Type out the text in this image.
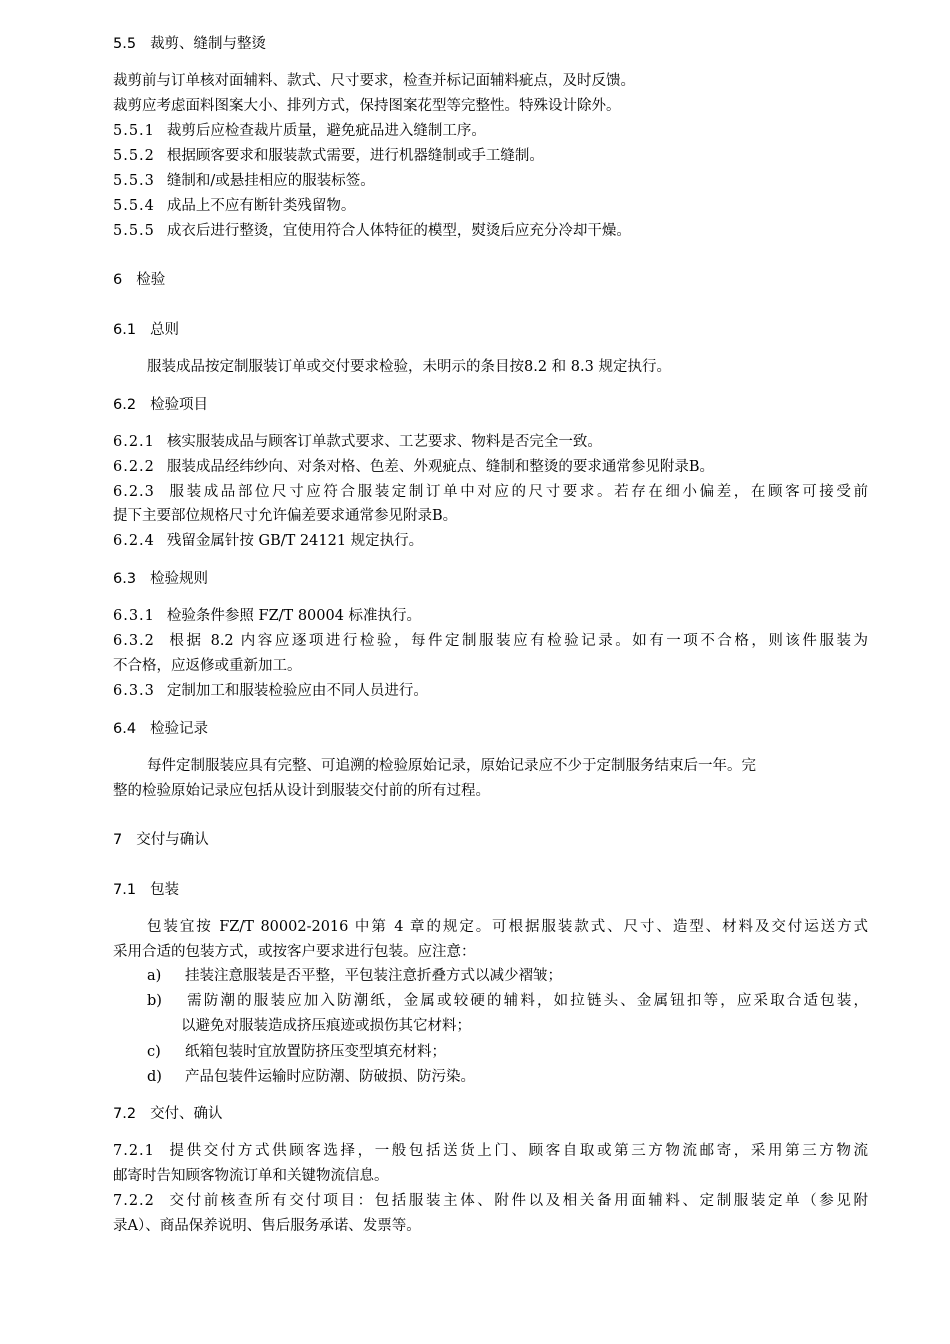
5.5 裁剪、缝制与整烫
裁剪前与订单核对面辅料、款式、尺寸要求，检查并标记面辅料疵点，及时反馈。
裁剪应考虑面料图案大小、排列方式，保持图案花型等完整性。特殊设计除外。
5.5.1 裁剪后应检查裁片质量，避免疵品进入缝制工序。
5.5.2 根据顾客要求和服装款式需要，进行机器缝制或手工缝制。
5.5.3 缝制和/或悬挂相应的服装标签。
5.5.4 成品上不应有断针类残留物。
5.5.5 成衣后进行整烫，宜使用符合人体特征的模型，熨烫后应充分冷却干燥。
6 检验
6.1 总则
服装成品按定制服装订单或交付要求检验，未明示的条目按8.2 和 8.3 规定执行。
6.2 检验项目
6.2.1 核实服装成品与顾客订单款式要求、工艺要求、物料是否完全一致。
6.2.2 服装成品经纬纱向、对条对格、色差、外观疵点、缝制和整烫的要求通常参见附录B。
6.2.3 服装成品部位尺寸应符合服装定制订单中对应的尺寸要求。若存在细小偏差，在顾客可接受前
提下主要部位规格尺寸允许偏差要求通常参见附录B。
6.2.4 残留金属针按 GB/T 24121 规定执行。
6.3 检验规则
6.3.1 检验条件参照 FZ/T 80004 标准执行。
6.3.2 根据 8.2 内容应逐项进行检验，每件定制服装应有检验记录。如有一项不合格，则该件服装为
不合格，应返修或重新加工。
6.3.3 定制加工和服装检验应由不同人员进行。
6.4 检验记录
每件定制服装应具有完整、可追溯的检验原始记录，原始记录应不少于定制服务结束后一年。完
整的检验原始记录应包括从设计到服装交付前的所有过程。
7 交付与确认
7.1 包装
包装宜按 FZ/T 80002-2016 中第 4 章的规定。可根据服装款式、尺寸、造型、材料及交付运送方式
采用合适的包装方式，或按客户要求进行包装。应注意：
a) 挂装注意服装是否平整，平包装注意折叠方式以减少褶皱；
b) 需防潮的服装应加入防潮纸，金属或较硬的辅料，如拉链头、金属钮扣等，应采取合适包装，
以避免对服装造成挤压痕迹或损伤其它材料；
c) 纸箱包装时宜放置防挤压变型填充材料；
d) 产品包装件运输时应防潮、防破损、防污染。
7.2 交付、确认
7.2.1 提供交付方式供顾客选择，一般包括送货上门、顾客自取或第三方物流邮寄，采用第三方物流
邮寄时告知顾客物流订单和关键物流信息。
7.2.2 交付前核查所有交付项目：包括服装主体、附件以及相关备用面辅料、定制服装定单（参见附
录A）、商品保养说明、售后服务承诺、发票等。
